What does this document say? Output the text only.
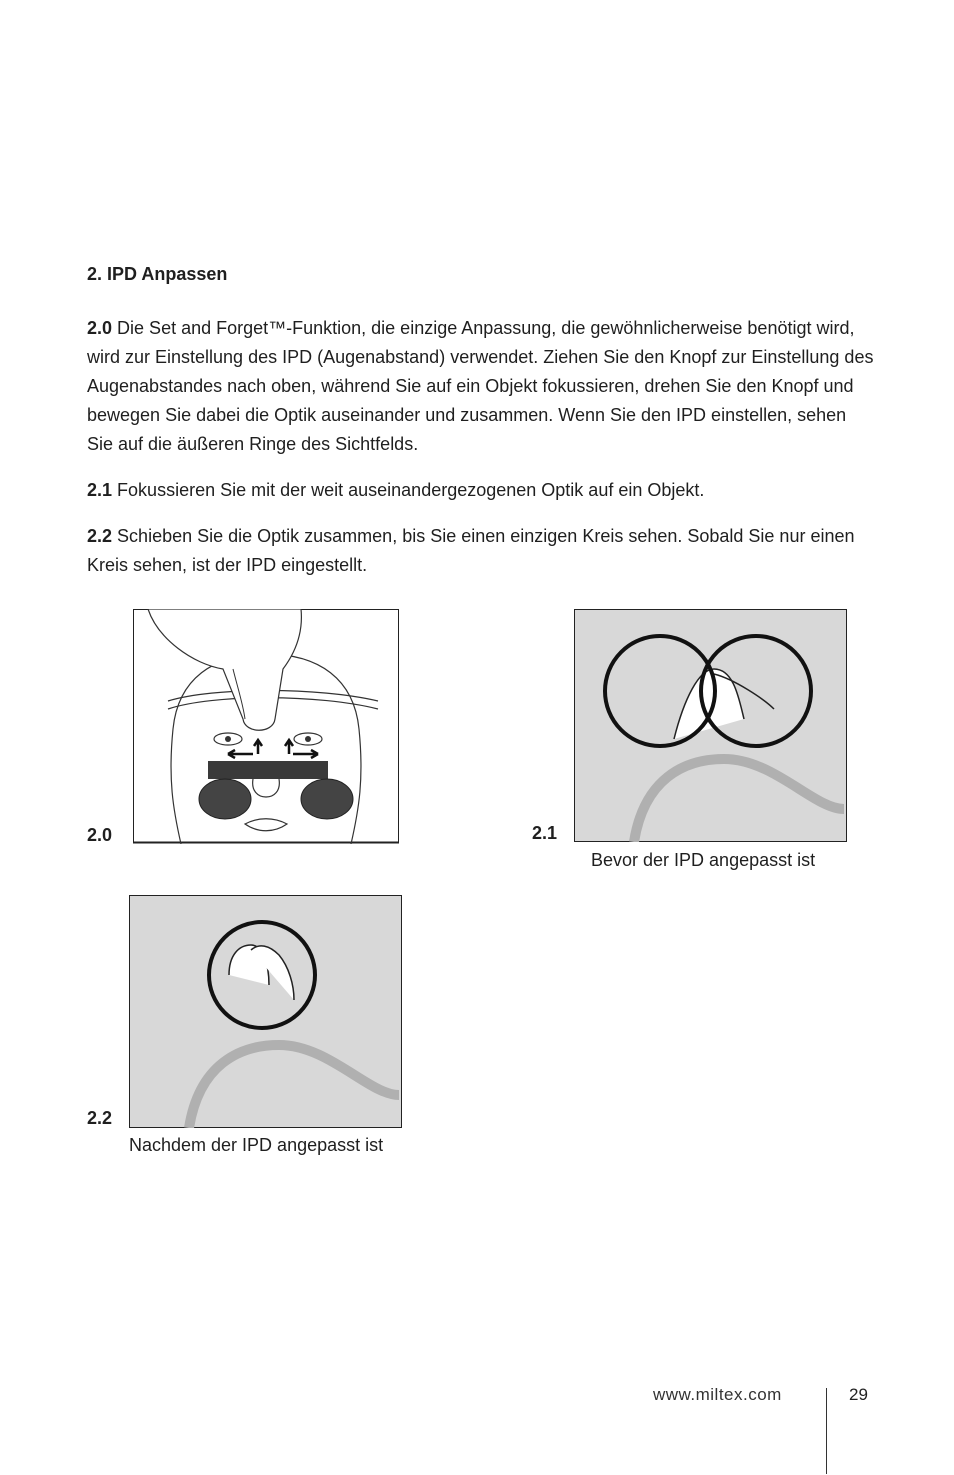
2. IPD Anpassen
2.0 Die Set and Forget™-Funktion, die einzige Anpassung, die gewöhnlicherweise benötigt wird, wird zur Einstellung des IPD (Augenabstand) verwendet. Ziehen Sie den Knopf zur Einstellung des Augenabstandes nach oben, während Sie auf ein Objekt fokussieren, drehen Sie den Knopf und bewegen Sie dabei die Optik auseinander und zusammen. Wenn Sie den IPD einstellen, sehen Sie auf die äußeren Ringe des Sichtfelds.
2.1 Fokussieren Sie mit der weit auseinandergezogenen Optik auf ein Objekt.
2.2 Schieben Sie die Optik zusammen, bis Sie einen einzigen Kreis sehen. Sobald Sie nur einen Kreis sehen, ist der IPD eingestellt.
2.0	2.1
Bevor der IPD angepasst ist
2.2
Nachdem der IPD angepasst ist
www.miltex.com	29
